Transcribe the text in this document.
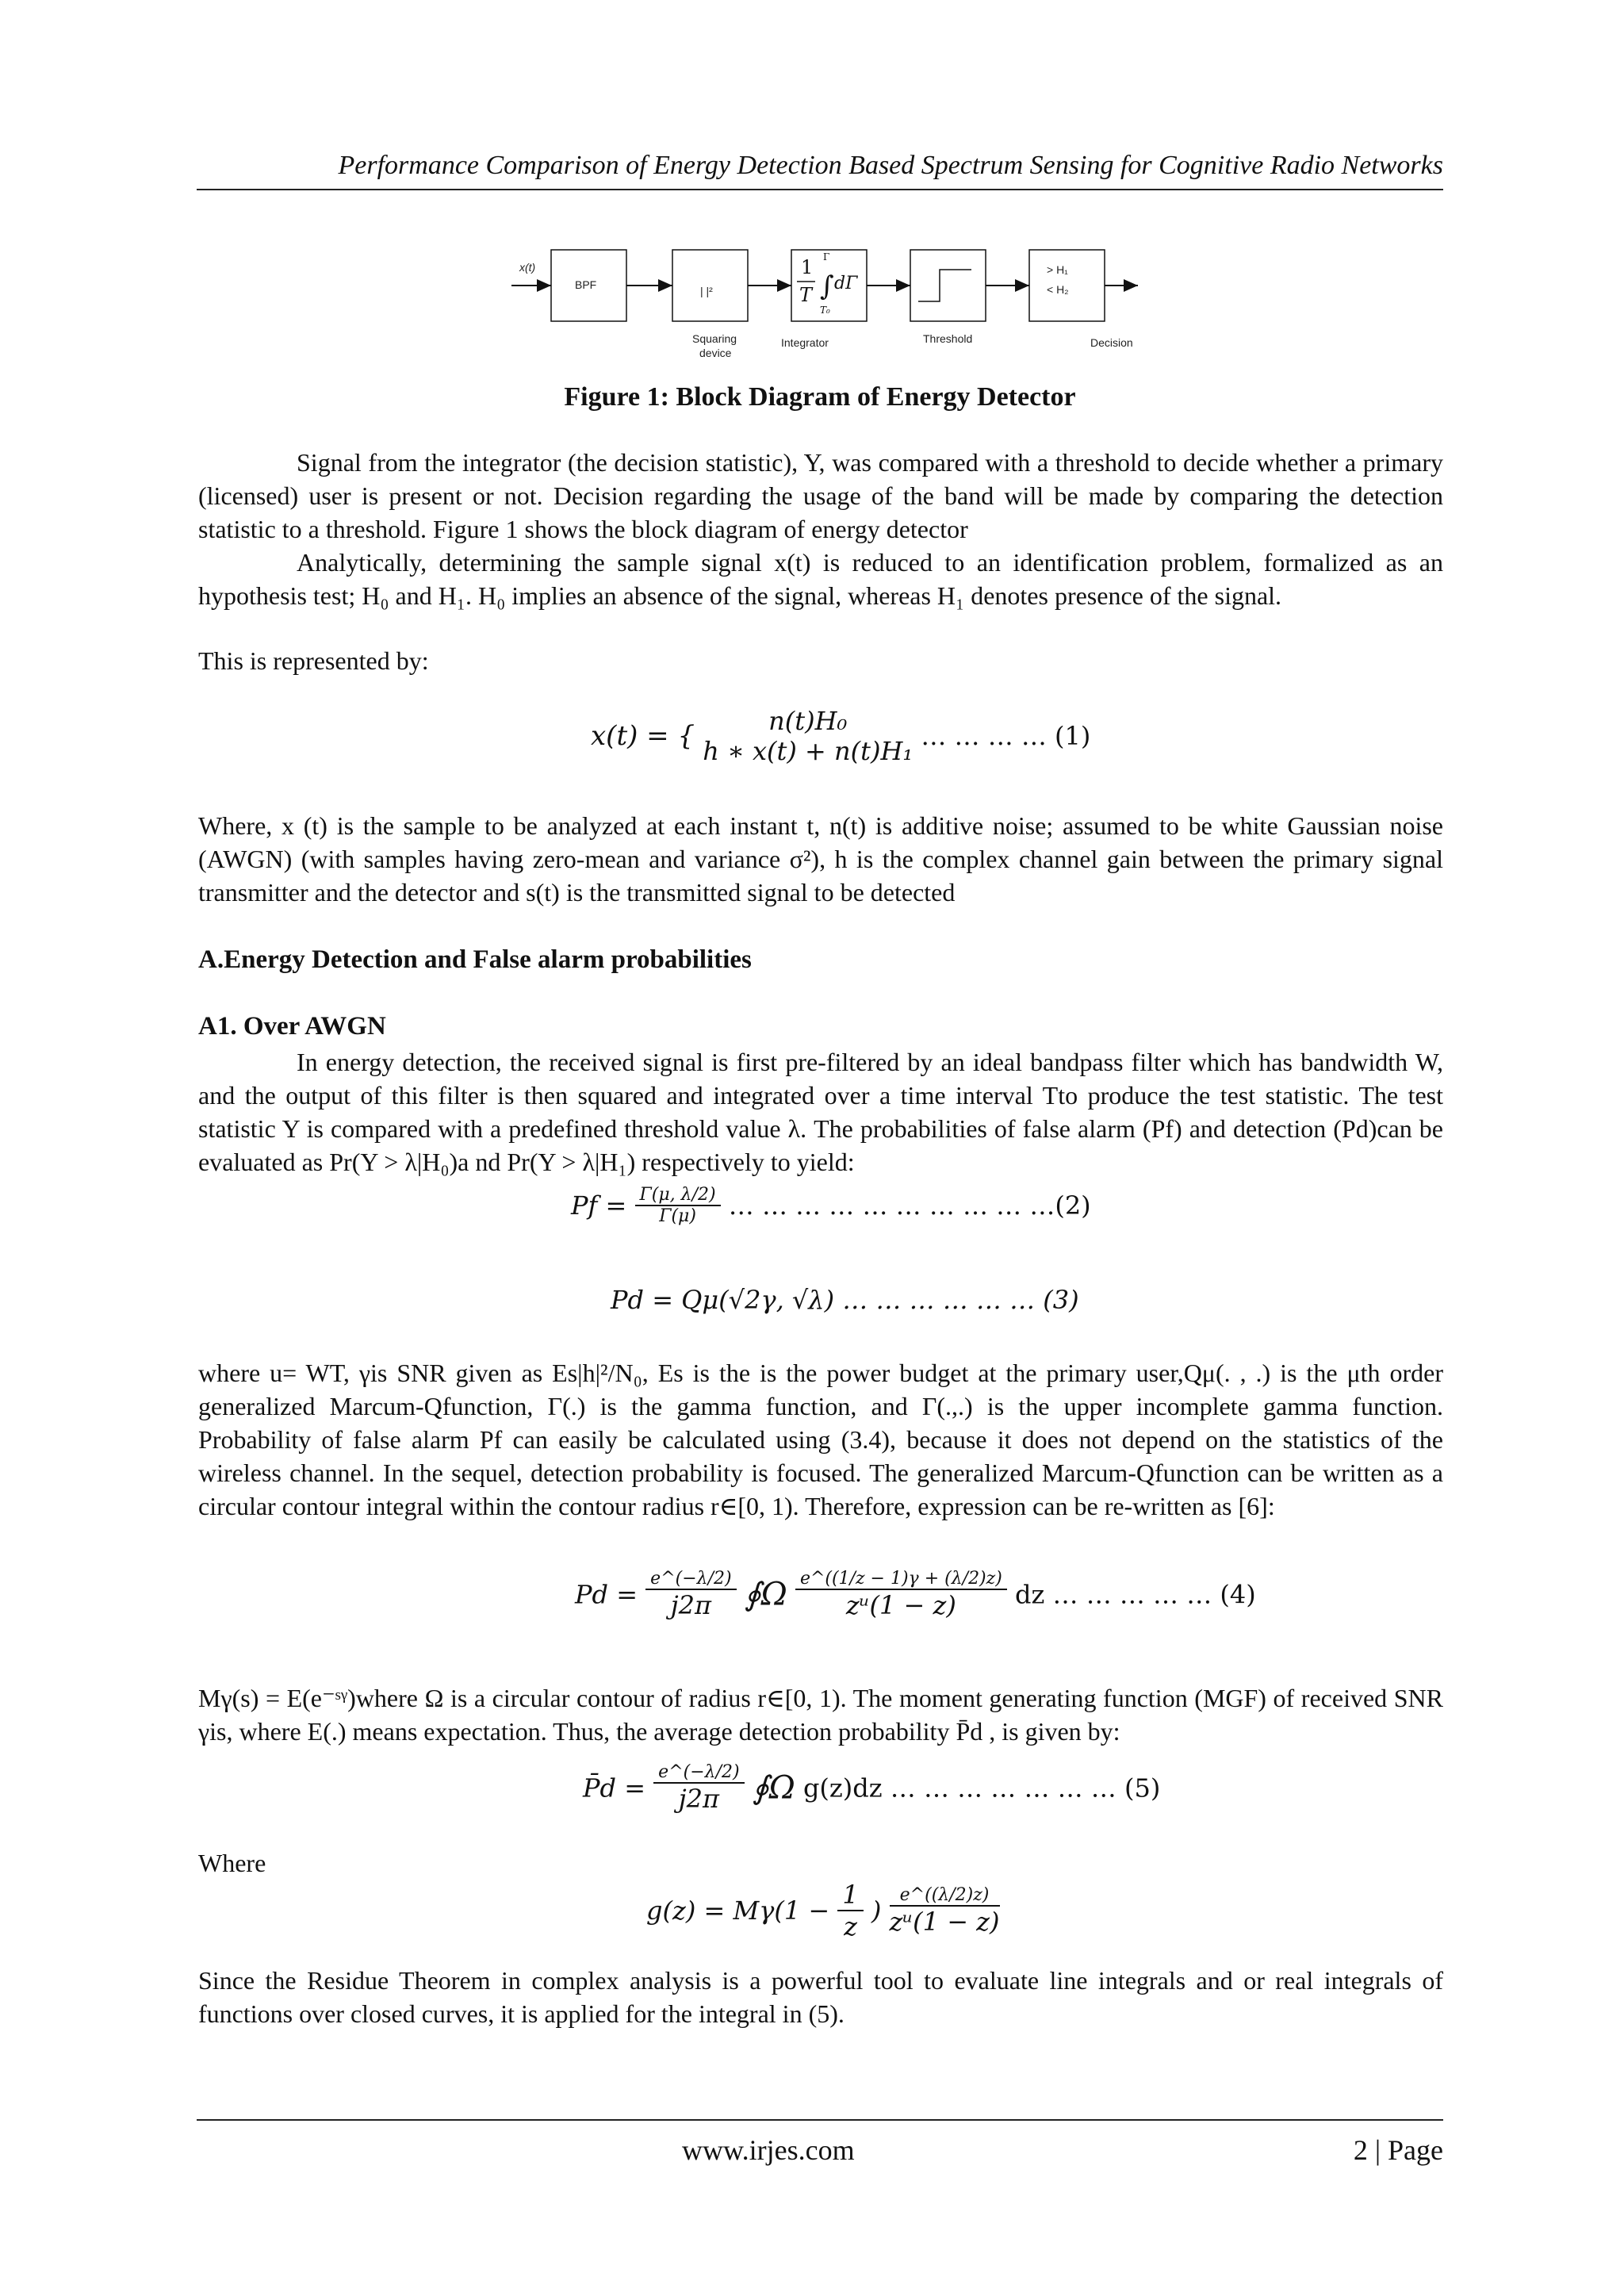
Performance Comparison of Energy Detection Based Spectrum Sensing for Cognitive Radio Networks
x(t)
BPF	| |²
1
T
Γ
∫
T₀
dΓ
> H₁
< H₂
Squaring
device
Integrator	Threshold	Decision
Figure 1: Block Diagram of Energy Detector
Signal from the integrator (the decision statistic), Y, was compared with a threshold to decide whether a primary (licensed) user is present or not. Decision regarding the usage of the band will be made by comparing the detection statistic to a threshold. Figure 1 shows the block diagram of energy detector
Analytically, determining the sample signal x(t) is reduced to an identification problem, formalized as an hypothesis test; H₀ and H₁. H₀ implies an absence of the signal, whereas H₁ denotes presence of the signal.
This is represented by:
x(t) = {	n(t)H₀
h ∗ x(t) + n(t)H₁ … … … … (1)
Where, x (t) is the sample to be analyzed at each instant t, n(t) is additive noise; assumed to be white Gaussian noise (AWGN) (with samples having zero-mean and variance σ²), h is the complex channel gain between the primary signal transmitter and the detector and s(t) is the transmitted signal to be detected
A.Energy Detection and False alarm probabilities
A1. Over AWGN
In energy detection, the received signal is first pre-filtered by an ideal bandpass filter which has bandwidth W, and the output of this filter is then squared and integrated over a time interval Tto produce the test statistic. The test statistic Y is compared with a predefined threshold value λ. The probabilities of false alarm (Pf) and detection (Pd)can be evaluated as Pr(Y > λ|H₀)a nd Pr(Y > λ|H₁) respectively to yield:
$Pf = \frac{\Gamma(\mu, \lambda/2)}{\Gamma(\mu)}$ … … … … … … … … … …(2)
Pd = Qμ(√2γ, √λ) … … … … … … (3)
where u= WT, γis SNR given as Es|h|²/N₀, Es is the is the power budget at the primary user,Qμ(. , .) is the μth order generalized Marcum-Qfunction, Γ(.) is the gamma function, and Γ(.,.) is the upper incomplete gamma function. Probability of false alarm Pf can easily be calculated using (3.4), because it does not depend on the statistics of the wireless channel. In the sequel, detection probability is focused. The generalized Marcum-Qfunction can be written as a circular contour integral within the contour radius r∈[0, 1). Therefore, expression can be re-written as [6]:
$Pd = \frac{e\^{}(-\lambda/2)}{j2\pi}$ ∮Ω $\frac{e\^{}((1/z - 1)\gamma + (\lambda/2)z)}{\text{zᵘ(1 − z)}}$ dz … … … … … (4)
Mγ(s) = E(e⁻ˢᵞ)where Ω is a circular contour of radius r∈[0, 1). The moment generating function (MGF) of received SNR γis, where E(.) means expectation. Thus, the average detection probability P̄d , is given by:
P̄d = $\frac{e\^{}(-\lambda/2)}{j2\pi}$ ∮Ω g(z)dz … … … … … … … (5)
Where
$g(z) = M\gamma(1 - \frac{1}{z}$ ) $\frac{e\^{}((\lambda/2)z)}{\text{zᵘ(1 − z)}}$
Since the Residue Theorem in complex analysis is a powerful tool to evaluate line integrals and or real integrals of functions over closed curves, it is applied for the integral in (5).
www.irjes.com	2 | Page
